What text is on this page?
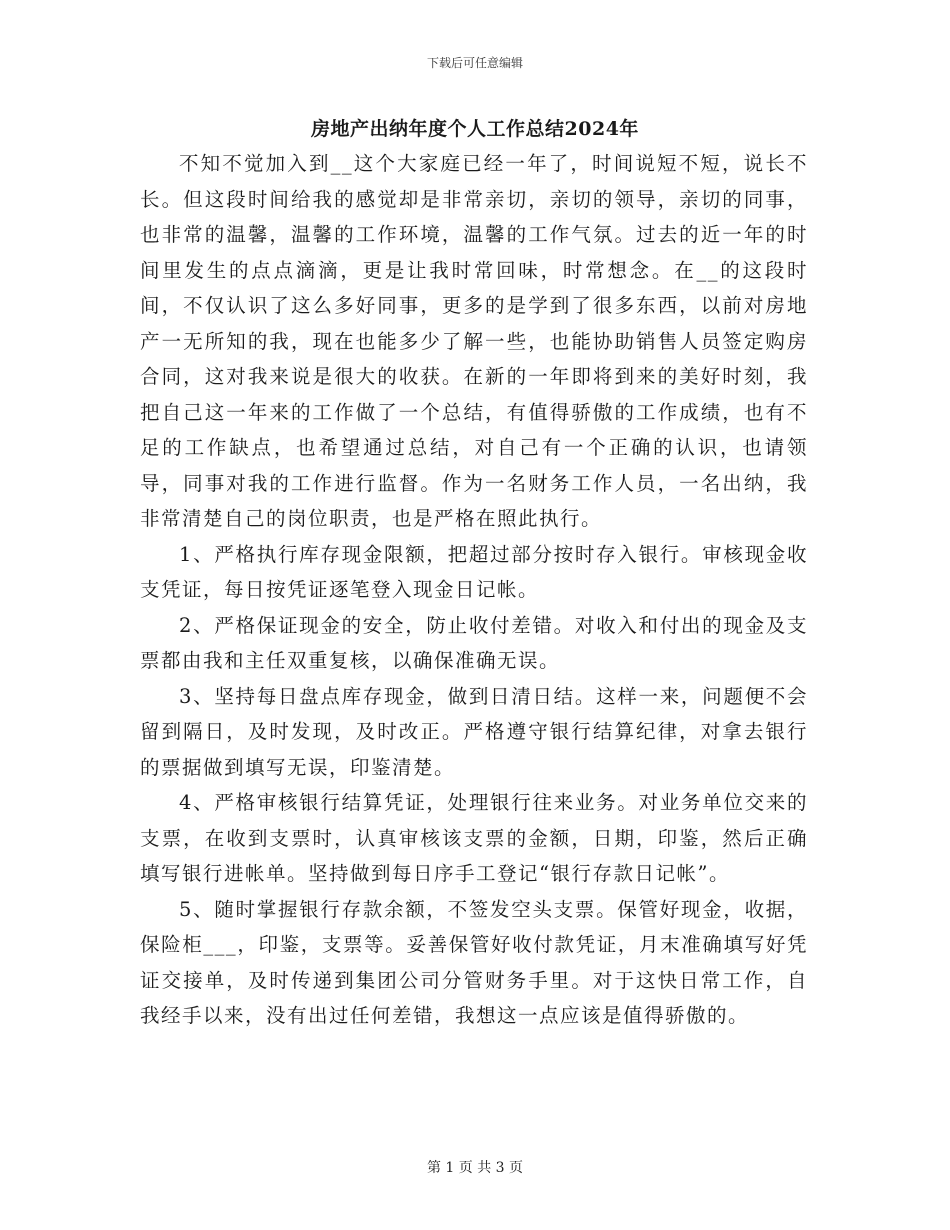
下载后可任意编辑
房地产出纳年度个人工作总结2024年

不知不觉加入到__这个大家庭已经一年了，时间说短不短，说长不长。但这段时间给我的感觉却是非常亲切，亲切的领导，亲切的同事，也非常的温馨，温馨的工作环境，温馨的工作气氛。过去的近一年的时间里发生的点点滴滴，更是让我时常回味，时常想念。在__的这段时间，不仅认识了这么多好同事，更多的是学到了很多东西，以前对房地产一无所知的我，现在也能多少了解一些，也能协助销售人员签定购房合同，这对我来说是很大的收获。在新的一年即将到来的美好时刻，我把自己这一年来的工作做了一个总结，有值得骄傲的工作成绩，也有不足的工作缺点，也希望通过总结，对自己有一个正确的认识，也请领导，同事对我的工作进行监督。作为一名财务工作人员，一名出纳，我非常清楚自己的岗位职责，也是严格在照此执行。

1、严格执行库存现金限额，把超过部分按时存入银行。审核现金收支凭证，每日按凭证逐笔登入现金日记帐。

2、严格保证现金的安全，防止收付差错。对收入和付出的现金及支票都由我和主任双重复核，以确保准确无误。

3、坚持每日盘点库存现金，做到日清日结。这样一来，问题便不会留到隔日，及时发现，及时改正。严格遵守银行结算纪律，对拿去银行的票据做到填写无误，印鉴清楚。

4、严格审核银行结算凭证，处理银行往来业务。对业务单位交来的支票，在收到支票时，认真审核该支票的金额，日期，印鉴，然后正确填写银行进帐单。坚持做到每日序手工登记“银行存款日记帐”。

5、随时掌握银行存款余额，不签发空头支票。保管好现金，收据，保险柜___，印鉴，支票等。妥善保管好收付款凭证，月末准确填写好凭证交接单，及时传递到集团公司分管财务手里。对于这快日常工作，自我经手以来，没有出过任何差错，我想这一点应该是值得骄傲的。

第 1 页 共 3 页
